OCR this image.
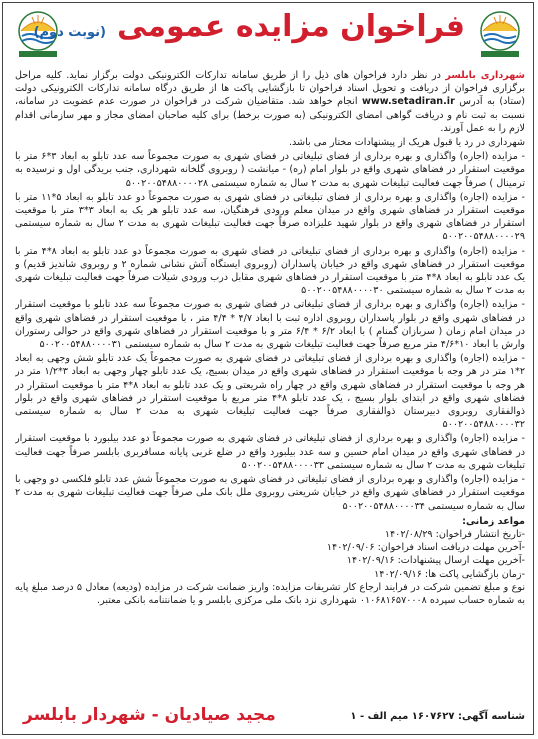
فراخوان مزایده عمومی (نوبت دوم)

شهرداری بابلسر در نظر دارد فراخوان های ذیل را از طریق سامانه تدارکات الکترونیکی دولت برگزار نماید. کلیه مراحل برگزاری فراخوان از دریافت و تحویل اسناد فراخوان تا بازگشایی پاکت ها از طریق درگاه سامانه تدارکات الکترونیکی دولت (ستاد) به آدرس www.setadiran.ir انجام خواهد شد. متقاضیان شرکت در فراخوان در صورت عدم عضویت در سامانه، نسبت به ثبت نام و دریافت گواهی امضای الکترونیکی (به صورت برخط) برای کلیه صاحبان امضای مجاز و مهر سازمانی اقدام لازم را به عمل آورند.

شهرداری در رد یا قبول هریک از پیشنهادات مختار می باشد.

- مزایده (اجاره) واگذاری و بهره برداری از فضای تبلیغاتی در فضای شهری به صورت مجموعاً سه عدد تابلو به ابعاد ۳*۶ متر با موقعیت استقرار در فضاهای شهری واقع در بلوار امام (ره) - میانشت ( روبروی گلخانه شهرداری، جنب بریدگی اول و نرسیده به ترمینال ) صرفاً جهت فعالیت تبلیغات شهری به مدت ۲ سال به شماره سیستمی ۵۰۰۲۰۰۵۴۸۸۰۰۰۰۲۸

- مزایده (اجاره) واگذاری و بهره برداری از فضای تبلیغاتی در فضای شهری به صورت مجموعاً دو عدد تابلو به ابعاد ۵*۱۱ متر با موقعیت استقرار در فضاهای شهری واقع در میدان معلم ورودی فرهنگیان، سه عدد تابلو هر یک به ابعاد ۳*۳ متر با موقعیت استقرار در فضاهای شهری واقع در بلوار شهید علیزاده صرفاً جهت فعالیت تبلیغات شهری به مدت ۲ سال به شماره سیستمی ۵۰۰۲۰۰۵۴۸۸۰۰۰۰۲۹

- مزایده (اجاره) واگذاری و بهره برداری از فضای تبلیغاتی در فضای شهری به صورت مجموعاً دو عدد تابلو به ابعاد ۸*۴ متر با موقعیت استقرار در فضاهای شهری واقع در خیابان پاسداران (روبروی ایستگاه آتش نشانی شماره ۲ و روبروی شاندیز قدیم) و یک عدد تابلو به ابعاد ۸*۴ متر با موقعیت استقرار در فضاهای شهری مقابل درب ورودی شیلات صرفاً جهت فعالیت تبلیغات شهری به مدت ۲ سال به شماره سیستمی ۵۰۰۲۰۰۵۴۸۸۰۰۰۰۳۰

- مزایده (اجاره) واگذاری و بهره برداری از فضای تبلیغاتی در فضای شهری به صورت مجموعاً سه عدد تابلو با موقعیت استقرار در فضاهای شهری واقع در بلوار پاسداران روبروی اداره ثبت با ابعاد ۴/۷ * ۴/۴ متر ، با موقعیت استقرار در فضاهای شهری واقع در میدان امام زمان ( سربازان گمنام ) با ابعاد ۶/۲ * ۶/۴ متر و با موقعیت استقرار در فضاهای شهری واقع در حوالی رستوران وارش با ابعاد ۱۰*۴/۶ متر مربع صرفاً جهت فعالیت تبلیغات شهری به مدت ۲ سال به شماره سیستمی ۵۰۰۲۰۰۵۴۸۸۰۰۰۰۳۱

- مزایده (اجاره) واگذاری و بهره برداری از فضای تبلیغاتی در فضای شهری به صورت مجموعاً یک عدد تابلو شش وجهی به ابعاد ۲*۱ متر در هر وجه با موقعیت استقرار در فضاهای شهری واقع در میدان بسیج، یک عدد تابلو چهار وجهی به ابعاد ۳*۱/۲ متر در هر وجه با موقعیت استقرار در فضاهای شهری واقع در چهار راه شریعتی و یک عدد تابلو به ابعاد ۸*۴ متر با موقعیت استقرار در فضاهای شهری واقع در ابتدای بلوار بسیج ، یک عدد تابلو ۸*۴ متر مربع با موقعیت استقرار در فضاهای شهری واقع در بلوار ذوالفقاری روبروی دبیرستان ذوالفقاری صرفاً جهت فعالیت تبلیغات شهری به مدت ۲ سال به شماره سیستمی ۵۰۰۲۰۰۵۴۸۸۰۰۰۰۳۲

- مزایده (اجاره) واگذاری و بهره برداری از فضای تبلیغاتی در فضای شهری به صورت مجموعاً دو عدد بیلبورد با موقعیت استقرار در فضاهای شهری واقع در میدان امام حسین و سه عدد بیلبورد واقع در ضلع غربی پایانه مسافربری بابلسر صرفاً جهت فعالیت تبلیغات شهری به مدت ۲ سال به شماره سیستمی ۵۰۰۲۰۰۵۴۸۸۰۰۰۰۳۳

- مزایده (اجاره) واگذاری و بهره برداری از فضای تبلیغاتی در فضای شهری به صورت مجموعاً شش عدد تابلو فلکسی دو وجهی با موقعیت استقرار در فضاهای شهری واقع در خیابان شریعتی روبروی ملل بانک ملی صرفاً جهت فعالیت تبلیغات شهری به مدت ۲ سال به شماره سیستمی ۵۰۰۲۰۰۵۴۸۸۰۰۰۰۳۴

مواعد زمانی:
-تاریخ انتشار فراخوان: ۱۴۰۲/۰۸/۲۹
-آخرین مهلت دریافت اسناد فراخوان: ۱۴۰۲/۰۹/۰۶
-آخرین مهلت ارسال پیشنهادات: ۱۴۰۲/۰۹/۱۶
-زمان بازگشایی پاکت ها: ۱۴۰۲/۰۹/۱۶

نوع و مبلغ تضمین شرکت در فرایند ارجاع کار تشریفات مزایده: واریز ضمانت شرکت در مزایده (ودیعه) معادل ۵ درصد مبلغ پایه به شماره حساب سپرده ۰۱۰۶۸۱۶۵۷۰۰۰۸ شهرداری نزد بانک ملی مرکزی بابلسر و یا ضمانتنامه بانکی معتبر.

شناسه آگهی: ۱۶۰۷۶۲۷ میم الف - ۱
مجید صیادیان - شهردار بابلسر
